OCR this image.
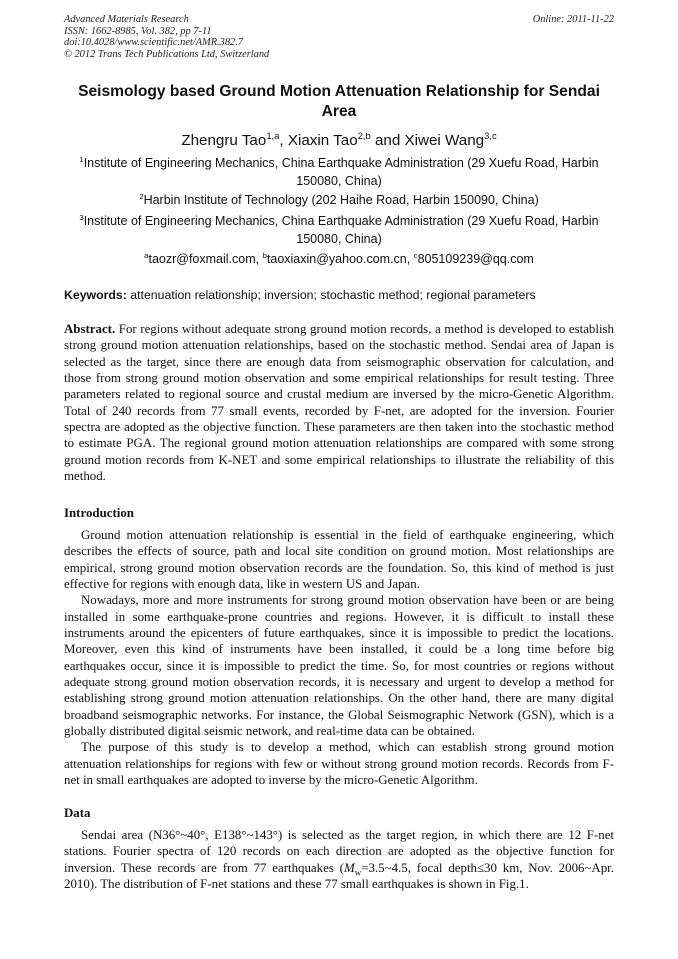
Advanced Materials Research
ISSN: 1662-8985, Vol. 382, pp 7-11
doi:10.4028/www.scientific.net/AMR.382.7
© 2012 Trans Tech Publications Ltd, Switzerland
Online: 2011-11-22
Seismology based Ground Motion Attenuation Relationship for Sendai Area
Zhengru Tao$^{1,a}$, Xiaxin Tao$^{2,b}$ and Xiwei Wang$^{3,c}$
$^1$Institute of Engineering Mechanics, China Earthquake Administration (29 Xuefu Road, Harbin 150080, China)
$^2$Harbin Institute of Technology (202 Haihe Road, Harbin 150090, China)
$^3$Institute of Engineering Mechanics, China Earthquake Administration (29 Xuefu Road, Harbin 150080, China)
$^a$taozr@foxmail.com, $^b$taoxiaxin@yahoo.com.cn, $^c$805109239@qq.com
Keywords: attenuation relationship; inversion; stochastic method; regional parameters
Abstract. For regions without adequate strong ground motion records, a method is developed to establish strong ground motion attenuation relationships, based on the stochastic method. Sendai area of Japan is selected as the target, since there are enough data from seismographic observation for calculation, and those from strong ground motion observation and some empirical relationships for result testing. Three parameters related to regional source and crustal medium are inversed by the micro-Genetic Algorithm. Total of 240 records from 77 small events, recorded by F-net, are adopted for the inversion. Fourier spectra are adopted as the objective function. These parameters are then taken into the stochastic method to estimate PGA. The regional ground motion attenuation relationships are compared with some strong ground motion records from K-NET and some empirical relationships to illustrate the reliability of this method.
Introduction

Ground motion attenuation relationship is essential in the field of earthquake engineering, which describes the effects of source, path and local site condition on ground motion. Most relationships are empirical, strong ground motion observation records are the foundation. So, this kind of method is just effective for regions with enough data, like in western US and Japan.

Nowadays, more and more instruments for strong ground motion observation have been or are being installed in some earthquake-prone countries and regions. However, it is difficult to install these instruments around the epicenters of future earthquakes, since it is impossible to predict the locations. Moreover, even this kind of instruments have been installed, it could be a long time before big earthquakes occur, since it is impossible to predict the time. So, for most countries or regions without adequate strong ground motion observation records, it is necessary and urgent to develop a method for establishing strong ground motion attenuation relationships. On the other hand, there are many digital broadband seismographic networks. For instance, the Global Seismographic Network (GSN), which is a globally distributed digital seismic network, and real-time data can be obtained.

The purpose of this study is to develop a method, which can establish strong ground motion attenuation relationships for regions with few or without strong ground motion records. Records from F-net in small earthquakes are adopted to inverse by the micro-Genetic Algorithm.

Data

Sendai area (N36°~40°, E138°~143°) is selected as the target region, in which there are 12 F-net stations. Fourier spectra of 120 records on each direction are adopted as the objective function for inversion. These records are from 77 earthquakes ($M_w=3.5\sim 4.5$, focal depth≤30 km, Nov. 2006~Apr. 2010). The distribution of F-net stations and these 77 small earthquakes is shown in Fig.1.
